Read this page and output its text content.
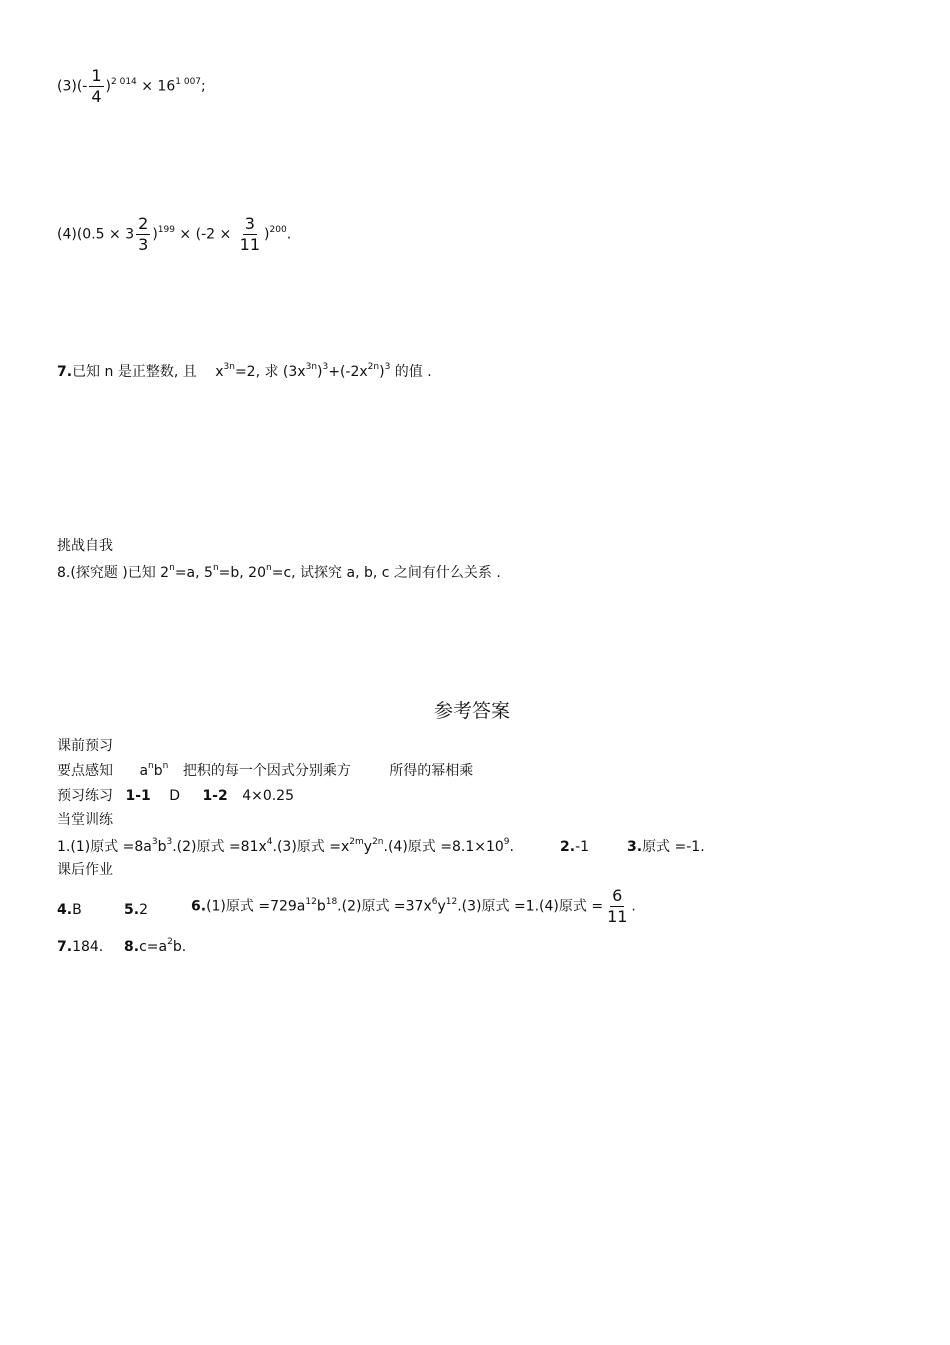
$(3)(- \frac{1}{4} )^{2 014} \times 16^{1 007}$;
$(4)(0.5 \times 3 \frac{2}{3} )^{199} \times (-2 \times \frac{3}{11} )^{200}$.
7.已知 n 是正整数, 且 $x^{3n}=2$, 求 $(3x^{3n})^3+(-2x^{2n})^3$ 的值 .
挑战自我
8.(探究题 )已知 $2^n=a$, $5^n=b$, $20^n=c$, 试探究 a, b, c 之间有什么关系 .
参考答案
课前预习
要点感知 $a^nb^n$ 把积的每一个因式分别乘方	所得的幂相乘
预习练习 1-1 D 1-2 4×0.25
当堂训练
1.(1)原式 $=8a^3b^3.(2)$原式 $=81x^4.(3)$原式 $=x^{2m}y^{2n}.(4)$原式 $=8.1\times 10^9$.	2.-1	3.原式 =-1.
课后作业
4.B	5.2	6.(1)原式 $=729a^{12}b^{18}.(2)$原式 $=37x^6y^{12}.(3)$原式 =1.(4)原式 = $\frac{6}{11}$ .
7.184. $8.c=a^2b$.
